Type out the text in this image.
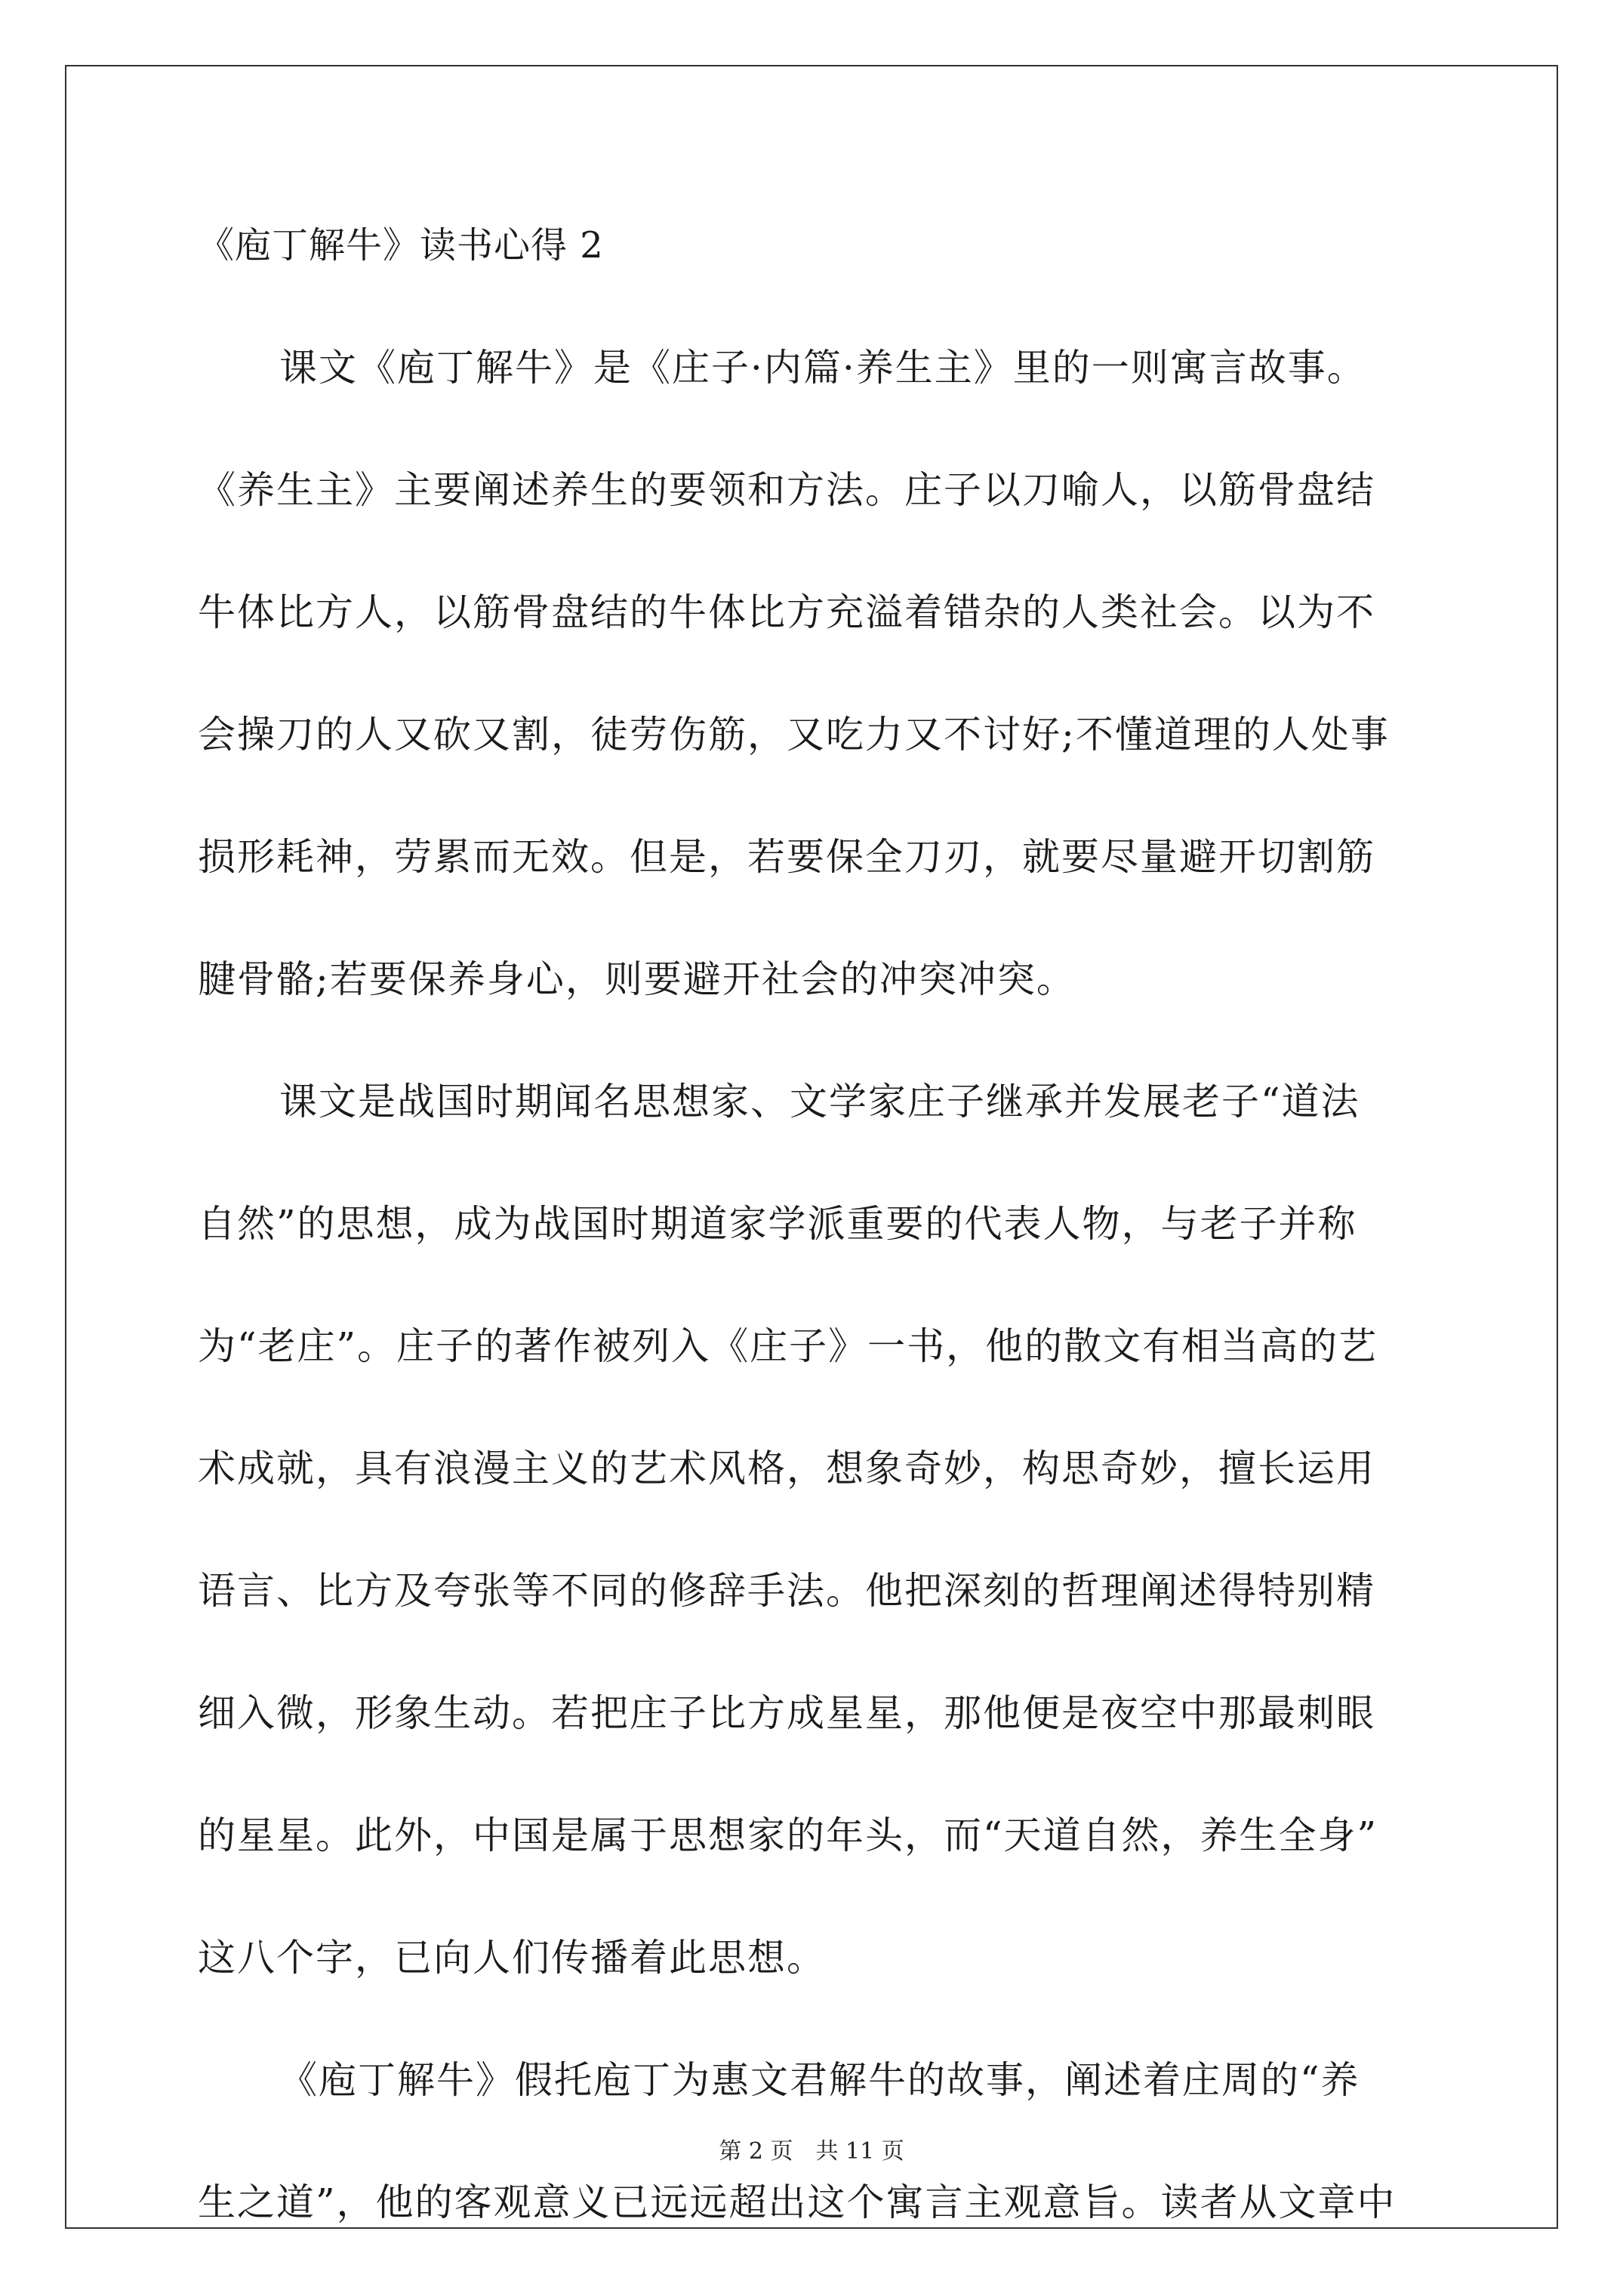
《庖丁解牛》读书心得 2
课文《庖丁解牛》是《庄子·内篇·养生主》里的一则寓言故事。
《养生主》主要阐述养生的要领和方法。庄子以刀喻人，以筋骨盘结
牛体比方人，以筋骨盘结的牛体比方充溢着错杂的人类社会。以为不
会操刀的人又砍又割，徒劳伤筋，又吃力又不讨好;不懂道理的人处事
损形耗神，劳累而无效。但是，若要保全刀刃，就要尽量避开切割筋
腱骨骼;若要保养身心，则要避开社会的冲突冲突。
课文是战国时期闻名思想家、文学家庄子继承并发展老子“道法
自然”的思想，成为战国时期道家学派重要的代表人物，与老子并称
为“老庄”。庄子的著作被列入《庄子》一书，他的散文有相当高的艺
术成就，具有浪漫主义的艺术风格，想象奇妙，构思奇妙，擅长运用
语言、比方及夸张等不同的修辞手法。他把深刻的哲理阐述得特别精
细入微，形象生动。若把庄子比方成星星，那他便是夜空中那最刺眼
的星星。此外，中国是属于思想家的年头，而“天道自然，养生全身”
这八个字，已向人们传播着此思想。
《庖丁解牛》假托庖丁为惠文君解牛的故事，阐述着庄周的“养
生之道”，他的客观意义已远远超出这个寓言主观意旨。读者从文章中
第 2 页　共 11 页
